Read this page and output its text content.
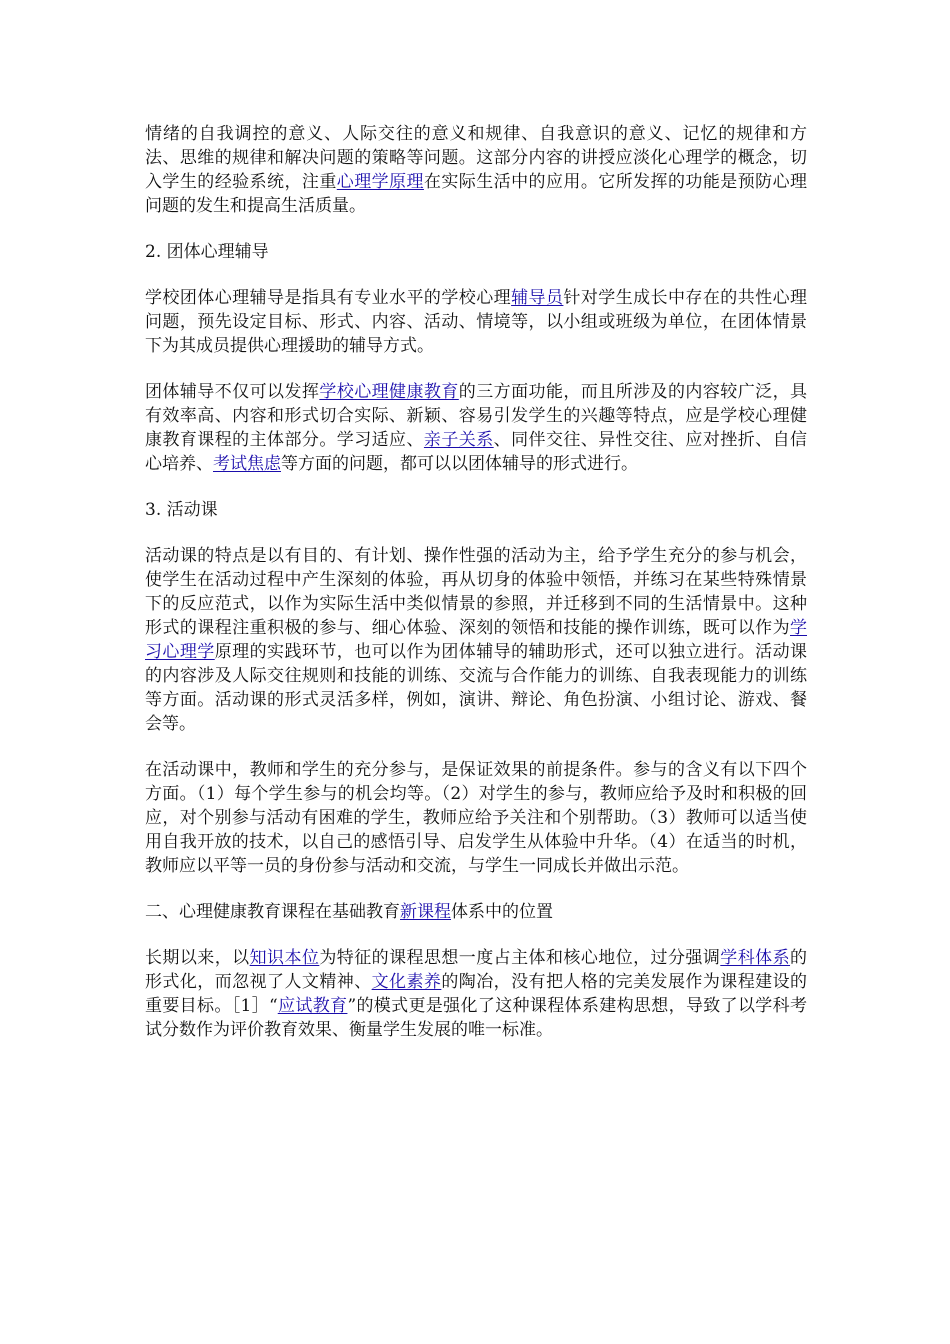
情绪的自我调控的意义、人际交往的意义和规律、自我意识的意义、记忆的规律和方法、思维的规律和解决问题的策略等问题。这部分内容的讲授应淡化心理学的概念，切入学生的经验系统，注重心理学原理在实际生活中的应用。它所发挥的功能是预防心理问题的发生和提高生活质量。

2. 团体心理辅导

学校团体心理辅导是指具有专业水平的学校心理辅导员针对学生成长中存在的共性心理问题，预先设定目标、形式、内容、活动、情境等，以小组或班级为单位，在团体情景下为其成员提供心理援助的辅导方式。

团体辅导不仅可以发挥学校心理健康教育的三方面功能，而且所涉及的内容较广泛，具有效率高、内容和形式切合实际、新颖、容易引发学生的兴趣等特点，应是学校心理健康教育课程的主体部分。学习适应、亲子关系、同伴交往、异性交往、应对挫折、自信心培养、考试焦虑等方面的问题，都可以以团体辅导的形式进行。

3. 活动课

活动课的特点是以有目的、有计划、操作性强的活动为主，给予学生充分的参与机会，使学生在活动过程中产生深刻的体验，再从切身的体验中领悟，并练习在某些特殊情景下的反应范式，以作为实际生活中类似情景的参照，并迁移到不同的生活情景中。这种形式的课程注重积极的参与、细心体验、深刻的领悟和技能的操作训练，既可以作为学习心理学原理的实践环节，也可以作为团体辅导的辅助形式，还可以独立进行。活动课的内容涉及人际交往规则和技能的训练、交流与合作能力的训练、自我表现能力的训练等方面。活动课的形式灵活多样，例如，演讲、辩论、角色扮演、小组讨论、游戏、餐会等。

在活动课中，教师和学生的充分参与，是保证效果的前提条件。参与的含义有以下四个方面。（1）每个学生参与的机会均等。（2）对学生的参与，教师应给予及时和积极的回应，对个别参与活动有困难的学生，教师应给予关注和个别帮助。（3）教师可以适当使用自我开放的技术，以自己的感悟引导、启发学生从体验中升华。（4）在适当的时机，教师应以平等一员的身份参与活动和交流，与学生一同成长并做出示范。

二、心理健康教育课程在基础教育新课程体系中的位置

长期以来，以知识本位为特征的课程思想一度占主体和核心地位，过分强调学科体系的形式化，而忽视了人文精神、文化素养的陶冶，没有把人格的完美发展作为课程建设的重要目标。［1］“应试教育”的模式更是强化了这种课程体系建构思想，导致了以学科考试分数作为评价教育效果、衡量学生发展的唯一标准。
